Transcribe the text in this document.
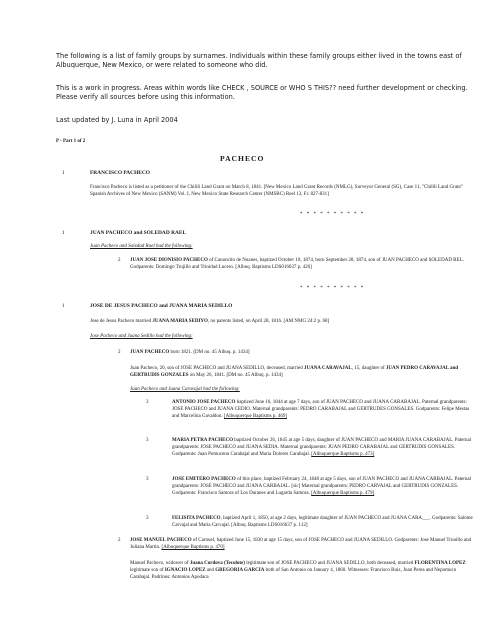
The following is a list of family groups by surnames. Individuals within these family groups either lived in the towns east of Albuquerque, New Mexico, or were related to someone who did.
This is a work in progress. Areas within words like CHECK , SOURCE or WHO S THIS?? need further development or checking. Please verify all sources before using this information.
Last updated by J. Luna in April 2004
P - Part 1 of 2
PACHECO
1	FRANCISCO PACHECO
Francisco Pacheco is listed as a petitioner of the Chilili Land Grant on March 8, 1841. [New Mexico Land Grant Records (NMLG), Surveyor General (SG), Case 11, "Chilili Land Grant" Spanish Archives of New Mexico (SANM) Vol. I, New Mexico State Research Center (NMSRC) Reel 13, Fr. 827-831]
* * * * * * * * * *
1	JUAN PACHECO and SOLEDAD RAEL
Juan Pacheco and Soledad Rael had the following:
2 JUAN JOSE DIONISIO PACHECO of Canoncito de Nuanes, baptized October 10, 1874, born September 28, 1874, son of JUAN PACHECO and SOLEDAD REL. Godparents: Domingo Trujillo and Trinidad Lucero. [Albuq. Baptisms LDS016637 p. 426]
* * * * * * * * * *
1	JOSE DE JESUS PACHECO and JUANA MARIA SEDILLO
Jose de Jesus Pacheco married JUANA MARIA SEDIYO, no parents listed, on April 28, 1816. [AM NMG 24:2 p. 68]
Jose Pacheco and Juana Sedillo had the following:
2 JUAN PACHECO born 1821. [DM no. 45 Albuq. p. 1434]
Juan Pacheco, 20, son of JOSE PACHECO and JUANA SEDILLO, deceased, married JUANA CARAVAJAL, 15, daughter of JUAN PEDRO CARAVAJAL and GERTRUDIS GONZALES on May 26, 1841. [DM no. 45 Albuq. p. 1434]
Juan Pacheco and Juana Caravajal had the following:
3	ANTONIO JOSE PACHECO baptized June 16, 1844 at age 7 days, son of JUAN PACHECO and JUANA CARABAJAL. Paternal grandparents: JOSE PACHECO and JUANA CEDIO. Maternal grandparents: PEDRO CARABAJAL and GERTRUDES GONSALES. Godparents: Felipe Mestas and Marcelina Gavaldon. [Albuquerque Baptisms p. 469]
3	MARIA PETRA PACHECO baptized October 26, 1845 at age 5 days, daughter of JUAN PACHECO and MARIA JUANA CARABAJAL. Paternal grandparents: JOSE PACHECO and JUANA SEDIA. Maternal grandparents: JUAN PEDRO CARABAJAL and GERTRUDIS GONSALES. Godparents: Juan Pomuceno Carabajal and Maria Dolores Carabajal. [Albuquerque Baptisms p. 473]
3	JOSE EMITERO PACHECO of this place, baptized February 24, 1848 at age 5 days, son of JUAN PACHECO and JUANA CARBAJAL. Paternal grandparents: JOSE PACHECO and JUANA CARBAJAL. [sic] Maternal grandparents: PEDRO CARVAJAL and GERTRUDIS GONZALES. Godparents: Francisco Samora of Los Duranes and Lugarda Samora. [Albuquerque Baptisms p. 479]
3	FELISITA PACHECO, baptized April 1, 1850, at age 2 days, legitimate daughter of JUAN PACHECO and JUANA CARA___. Godparents: Salome Carvajal and Maria Carvajal. [Albuq. Baptisms LDS016637 p. 112]
2 JOSE MANUEL PACHECO of Carnuel, baptized June 15, 1830 at age 15 days, son of JOSE PACHECO and JUANA SEDILLO. Godparents: Jose Manuel Trunillo and Juliana Martin. [Albuquerque Baptisms p. 470]
Manuel Pacheco, widower of Juana Cordova (Tecolote) legitimate son of JOSE PACHECO and JUANA SEDILLO, both deceased, married FLORENTINA LOPEZ legitimate son of IGNACIO LOPEZ and GREGORIA GARCIA both of San Antonio on January 4, 1860. Witnesses: Francisco Ruiz, Juan Perea and Nepomuco Carabajal. Padrinos: Antonios Apodaca
